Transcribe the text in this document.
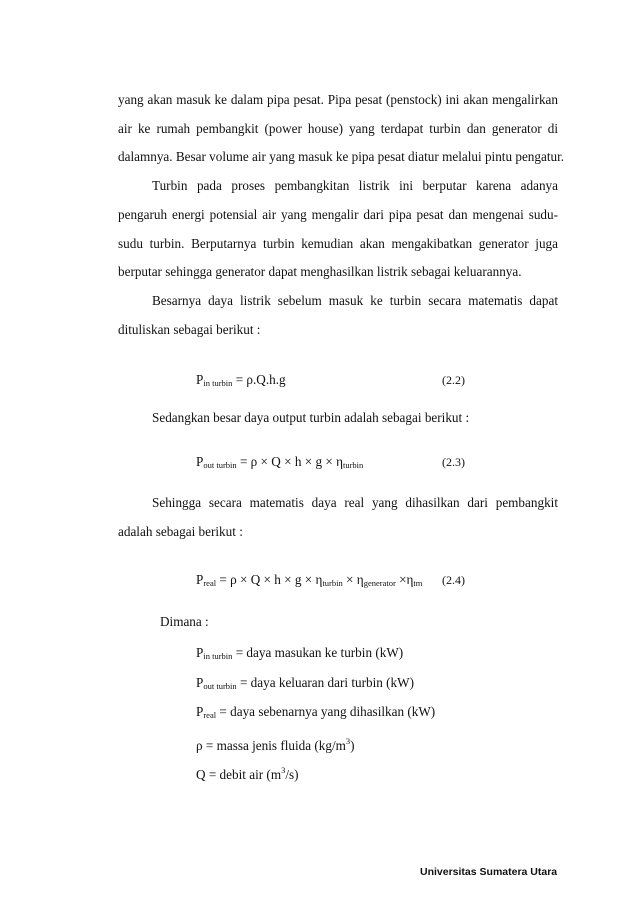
yang akan masuk ke dalam pipa pesat. Pipa pesat (penstock) ini akan mengalirkan
air ke rumah pembangkit (power house) yang terdapat turbin dan generator di
dalamnya. Besar volume air yang masuk ke pipa pesat diatur melalui pintu pengatur.
Turbin pada proses pembangkitan listrik ini berputar karena adanya
pengaruh energi potensial air yang mengalir dari pipa pesat dan mengenai sudu-
sudu turbin. Berputarnya turbin kemudian akan mengakibatkan generator juga
berputar sehingga generator dapat menghasilkan listrik sebagai keluarannya.
Besarnya daya listrik sebelum masuk ke turbin secara matematis dapat
dituliskan sebagai berikut :
$P_{in turbin} = \rho.Q.h.g$	(2.2)
Sedangkan besar daya output turbin adalah sebagai berikut :
$P_{out turbin} = \rho \times Q \times h \times g \times \eta_{turbin}$	(2.3)
Sehingga secara matematis daya real yang dihasilkan dari pembangkit
adalah sebagai berikut :
$P_{real} = \rho \times Q \times h \times g \times \eta_{turbin} \times \eta_{generator} \times\eta_{tm}$ (2.4)
Dimana :
$P_{in turbin}$ = daya masukan ke turbin (kW)
$P_{out turbin}$ = daya keluaran dari turbin (kW)
$P_{real}$ = daya sebenarnya yang dihasilkan (kW)
ρ = massa jenis fluida $(kg/m^3)$
Q = debit air $(m^3/s)$
Universitas Sumatera Utara
